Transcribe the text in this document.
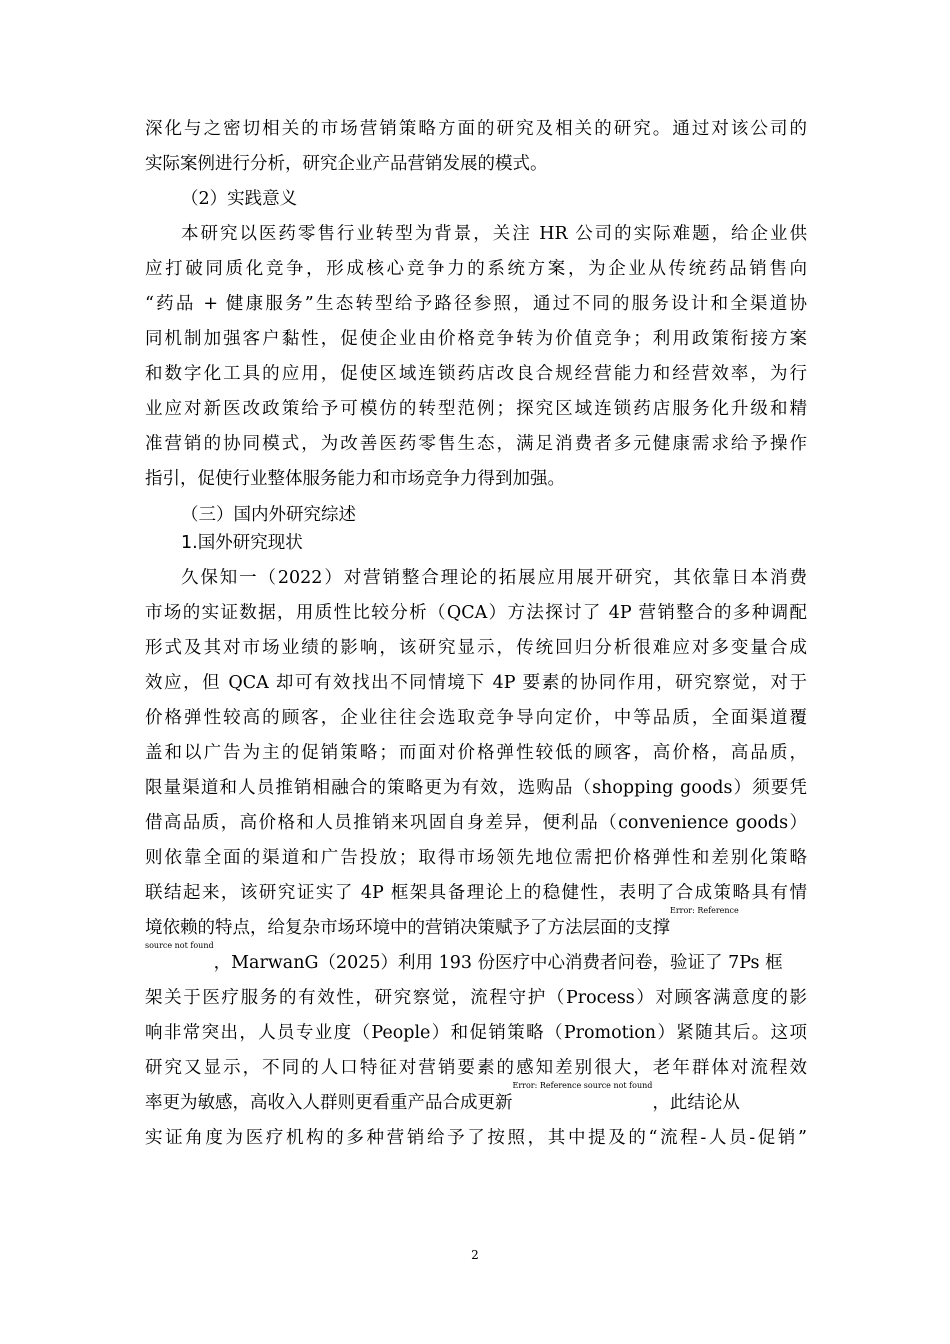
深化与之密切相关的市场营销策略方面的研究及相关的研究。通过对该公司的
实际案例进行分析，研究企业产品营销发展的模式。
（2）实践意义
本研究以医药零售行业转型为背景，关注 HR 公司的实际难题，给企业供
应打破同质化竞争，形成核心竞争力的系统方案，为企业从传统药品销售向
“药品 + 健康服务”生态转型给予路径参照，通过不同的服务设计和全渠道协
同机制加强客户黏性，促使企业由价格竞争转为价值竞争；利用政策衔接方案
和数字化工具的应用，促使区域连锁药店改良合规经营能力和经营效率，为行
业应对新医改政策给予可模仿的转型范例；探究区域连锁药店服务化升级和精
准营销的协同模式，为改善医药零售生态，满足消费者多元健康需求给予操作
指引，促使行业整体服务能力和市场竞争力得到加强。
（三）国内外研究综述
1.国外研究现状
久保知一（2022）对营销整合理论的拓展应用展开研究，其依靠日本消费
市场的实证数据，用质性比较分析（QCA）方法探讨了 4P 营销整合的多种调配
形式及其对市场业绩的影响，该研究显示，传统回归分析很难应对多变量合成
效应，但 QCA 却可有效找出不同情境下 4P 要素的协同作用，研究察觉，对于
价格弹性较高的顾客，企业往往会选取竞争导向定价，中等品质，全面渠道覆
盖和以广告为主的促销策略；而面对价格弹性较低的顾客，高价格，高品质，
限量渠道和人员推销相融合的策略更为有效，选购品（shopping goods）须要凭
借高品质，高价格和人员推销来巩固自身差异，便利品（convenience goods）
则依靠全面的渠道和广告投放；取得市场领先地位需把价格弹性和差别化策略
联结起来，该研究证实了 4P 框架具备理论上的稳健性，表明了合成策略具有情
境依赖的特点，给复杂市场环境中的营销决策赋予了方法层面的支撑$^{Error: Reference}$
$^{source not found}$，MarwanG（2025）利用 193 份医疗中心消费者问卷，验证了 7Ps 框
架关于医疗服务的有效性，研究察觉，流程守护（Process）对顾客满意度的影
响非常突出，人员专业度（People）和促销策略（Promotion）紧随其后。这项
研究又显示，不同的人口特征对营销要素的感知差别很大，老年群体对流程效
率更为敏感，高收入人群则更看重产品合成更新$^{Error: Reference source not found}$，此结论从
实证角度为医疗机构的多种营销给予了按照，其中提及的“流程-人员-促销”
2
